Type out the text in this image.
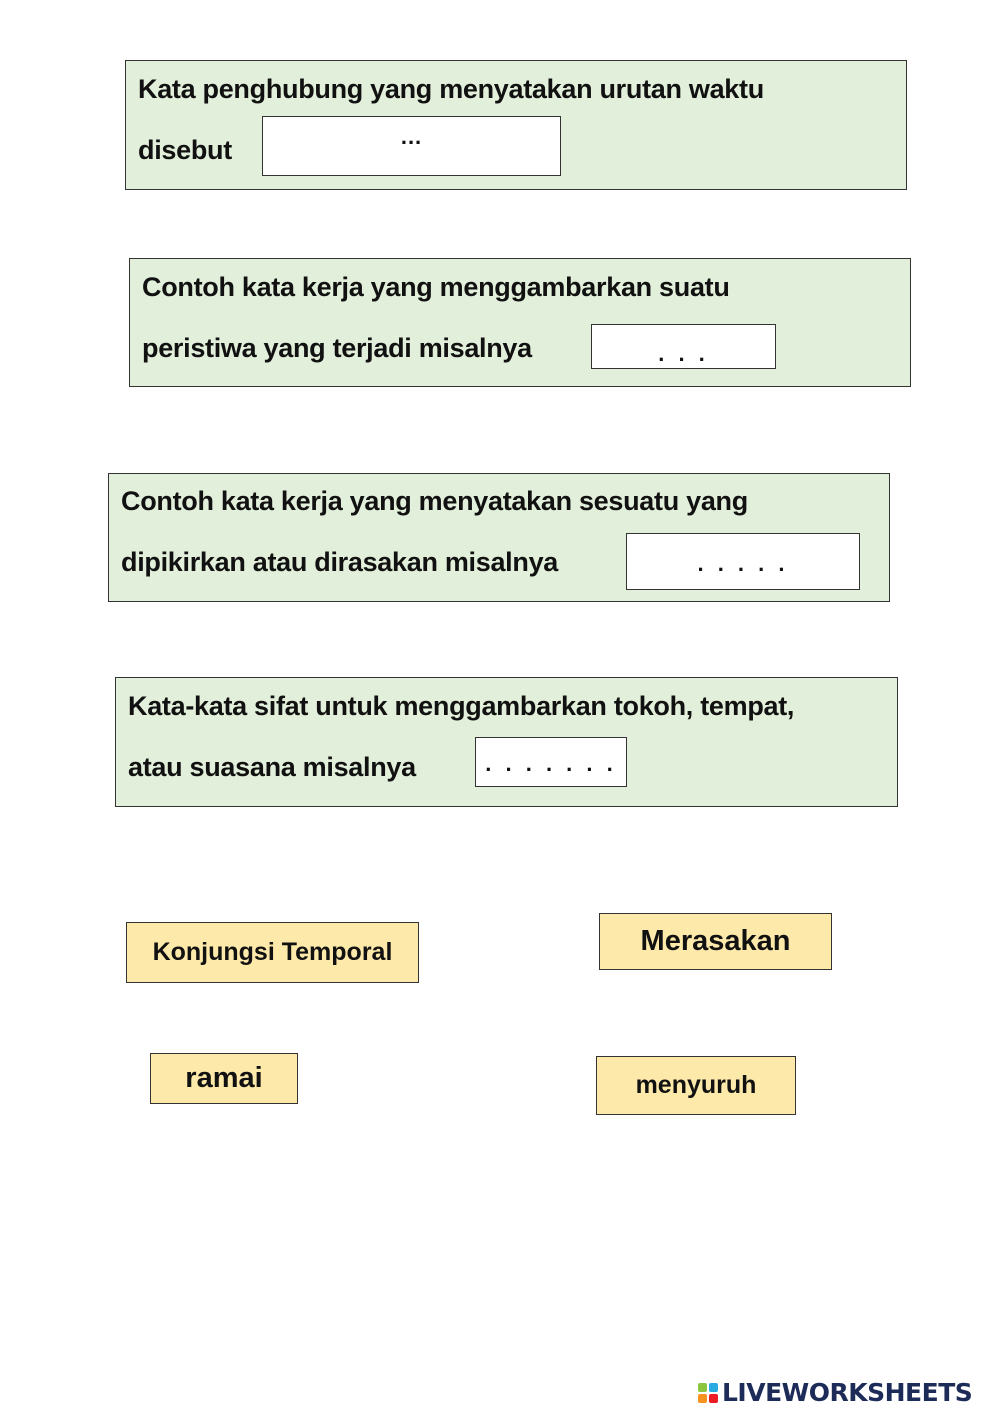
Kata penghubung yang menyatakan urutan waktu
disebut	...
Contoh kata kerja yang menggambarkan suatu
peristiwa yang terjadi misalnya	. . .
Contoh kata kerja yang menyatakan sesuatu yang
dipikirkan atau dirasakan misalnya	. . . . .
Kata-kata sifat untuk menggambarkan tokoh, tempat,
atau suasana misalnya	. . . . . . .
Konjungsi Temporal	Merasakan
ramai	menyuruh
LIVEWORKSHEETS
